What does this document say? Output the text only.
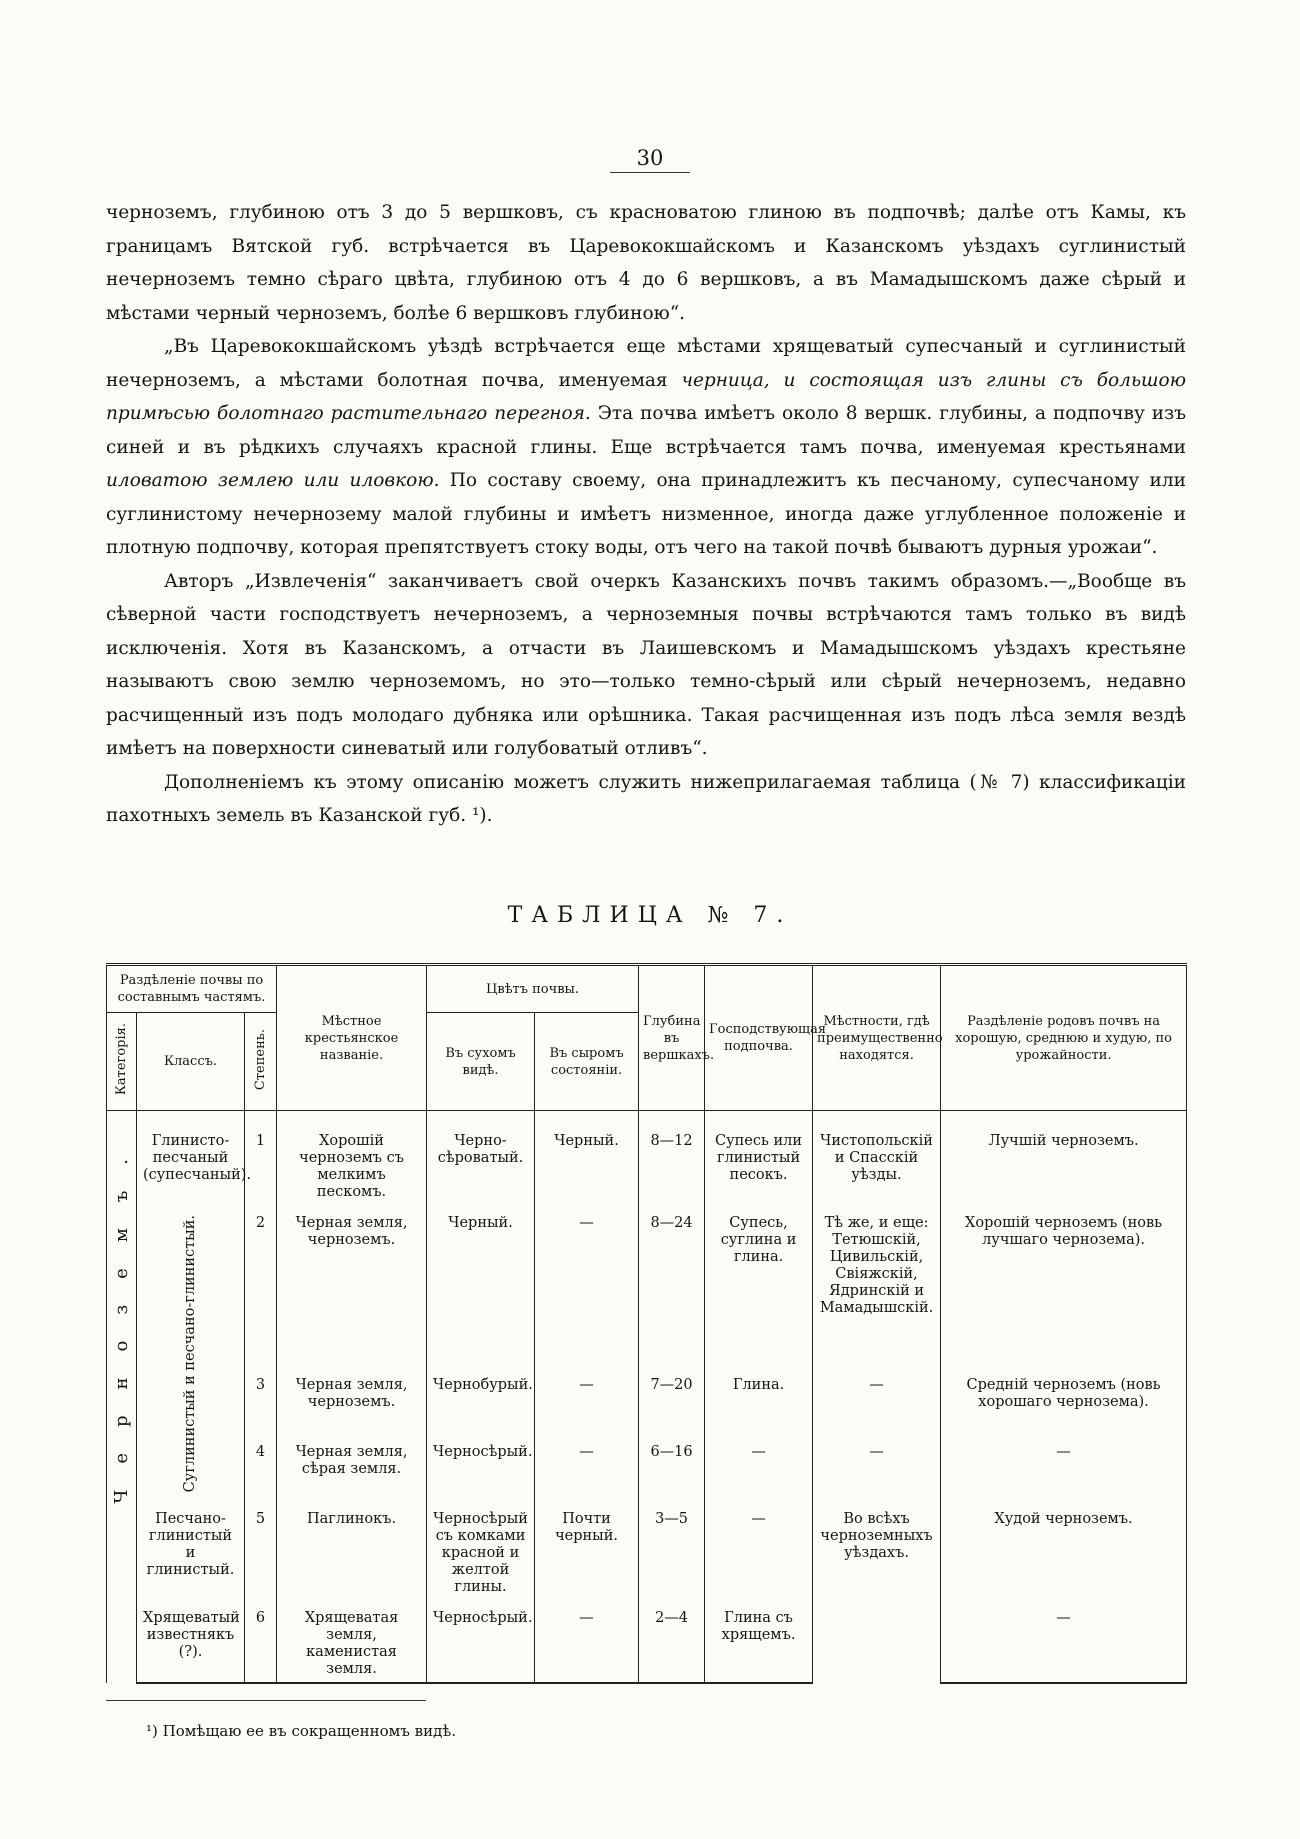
30

черноземъ, глубиною отъ 3 до 5 вершковъ, съ красноватою глиною въ подпочвѣ; далѣе отъ Камы, къ границамъ Вятской губ. встрѣчается въ Царевококшайскомъ и Казанскомъ уѣздахъ суглинистый нечерноземъ темно сѣраго цвѣта, глубиною отъ 4 до 6 вершковъ, а въ Мамадышскомъ даже сѣрый и мѣстами черный черноземъ, болѣе 6 вершковъ глубиною“.

„Въ Царевококшайскомъ уѣздѣ встрѣчается еще мѣстами хрящеватый супесчаный и суглинистый нечерноземъ, а мѣстами болотная почва, именуемая черница, и состоящая изъ глины съ большою примѣсью болотнаго растительнаго перегноя. Эта почва имѣетъ около 8 вершк. глубины, а подпочву изъ синей и въ рѣдкихъ случаяхъ красной глины. Еще встрѣчается тамъ почва, именуемая крестьянами иловатою землею или иловкою. По составу своему, она принадлежитъ къ песчаному, супесчаному или суглинистому нечернозему малой глубины и имѣетъ низменное, иногда даже углубленное положеніе и плотную подпочву, которая препятствуетъ стоку воды, отъ чего на такой почвѣ бываютъ дурныя урожаи“.

Авторъ „Извлеченія“ заканчиваетъ свой очеркъ Казанскихъ почвъ такимъ образомъ.—„Вообще въ сѣверной части господствуетъ нечерноземъ, а черноземныя почвы встрѣчаются тамъ только въ видѣ исключенія. Хотя въ Казанскомъ, а отчасти въ Лаишевскомъ и Мамадышскомъ уѣздахъ крестьяне называютъ свою землю черноземомъ, но это—только темно-сѣрый или сѣрый нечерноземъ, недавно расчищенный изъ подъ молодаго дубняка или орѣшника. Такая расчищенная изъ подъ лѣса земля вездѣ имѣетъ на поверхности синеватый или голубоватый отливъ“.

Дополненіемъ къ этому описанію можетъ служить нижеприлагаемая таблица (№ 7) классификаціи пахотныхъ земель въ Казанской губ. ¹).

ТАБЛИЦА № 7.
Раздѣленіе почвы по составнымъ частямъ.			Мѣстное крестьянское названіе.	Цвѣтъ почвы.		Глубина въ вершкахъ.	Господствующая подпочва.	Мѣстности, гдѣ преимущественно находятся.	Раздѣленіе родовъ почвъ на хорошую, среднюю и худую, по урожайности.
Категорія.	Классъ.	Степень.		Въ сухомъ видѣ.	Въ сыромъ состояніи.				
Черноземъ.	Глинисто-песчаный (супесчаный).	1	Хорошій черноземъ съ мелкимъ пескомъ.	Черно-сѣроватый.	Черный.	8—12	Супесь или глинистый песокъ.	Чистопольскій и Спасскій уѣзды.	Лучшій черноземъ.
	Суглинистый и песчано-глинистый.	2	Черная земля, черноземъ.	Черный.	—	8—24	Супесь, суглина и глина.	Тѣ же, и еще: Тетюшскій, Цивильскій, Свіяжскій, Ядринскій и Мамадышскій.	Хорошій черноземъ (новь лучшаго чернозема).
		3	Черная земля, черноземъ.	Чернобурый.	—	7—20	Глина.	—	Средній черноземъ (новь хорошаго чернозема).
		4	Черная земля, сѣрая земля.	Черносѣрый.	—	6—16	—	—	—
	Песчано-глинистый и глинистый.	5	Паглинокъ.	Черносѣрый съ комками красной и желтой глины.	Почти черный.	3—5	—	Во всѣхъ черноземныхъ уѣздахъ.	Худой черноземъ.
	Хрящеватый известнякъ (?).	6	Хрящеватая земля, каменистая земля.	Черносѣрый.	—	2—4	Глина съ хрящемъ.		—
¹) Помѣщаю ее въ сокращенномъ видѣ.
